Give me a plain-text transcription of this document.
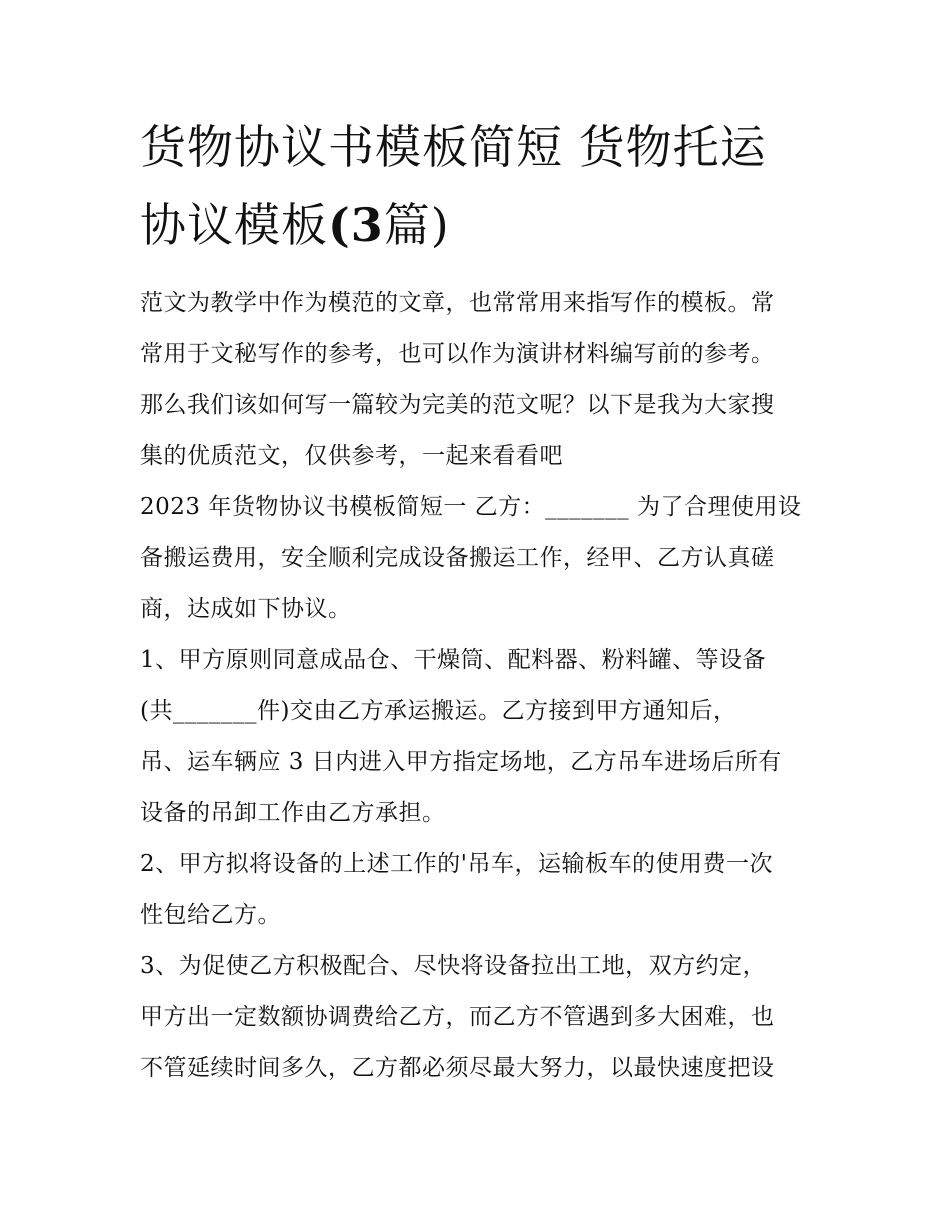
货物协议书模板简短 货物托运
协议模板(3篇)

范文为教学中作为模范的文章，也常常用来指写作的模板。常
常用于文秘写作的参考，也可以作为演讲材料编写前的参考。
那么我们该如何写一篇较为完美的范文呢？以下是我为大家搜
集的优质范文，仅供参考，一起来看看吧

2023 年货物协议书模板简短一 乙方：_______ 为了合理使用设
备搬运费用，安全顺利完成设备搬运工作，经甲、乙方认真磋
商，达成如下协议。

1、甲方原则同意成品仓、干燥筒、配料器、粉料罐、等设备
(共_______件)交由乙方承运搬运。乙方接到甲方通知后，
吊、运车辆应 3 日内进入甲方指定场地，乙方吊车进场后所有
设备的吊卸工作由乙方承担。

2、甲方拟将设备的上述工作的'吊车，运输板车的使用费一次
性包给乙方。

3、为促使乙方积极配合、尽快将设备拉出工地，双方约定，
甲方出一定数额协调费给乙方，而乙方不管遇到多大困难，也
不管延续时间多久，乙方都必须尽最大努力，以最快速度把设
